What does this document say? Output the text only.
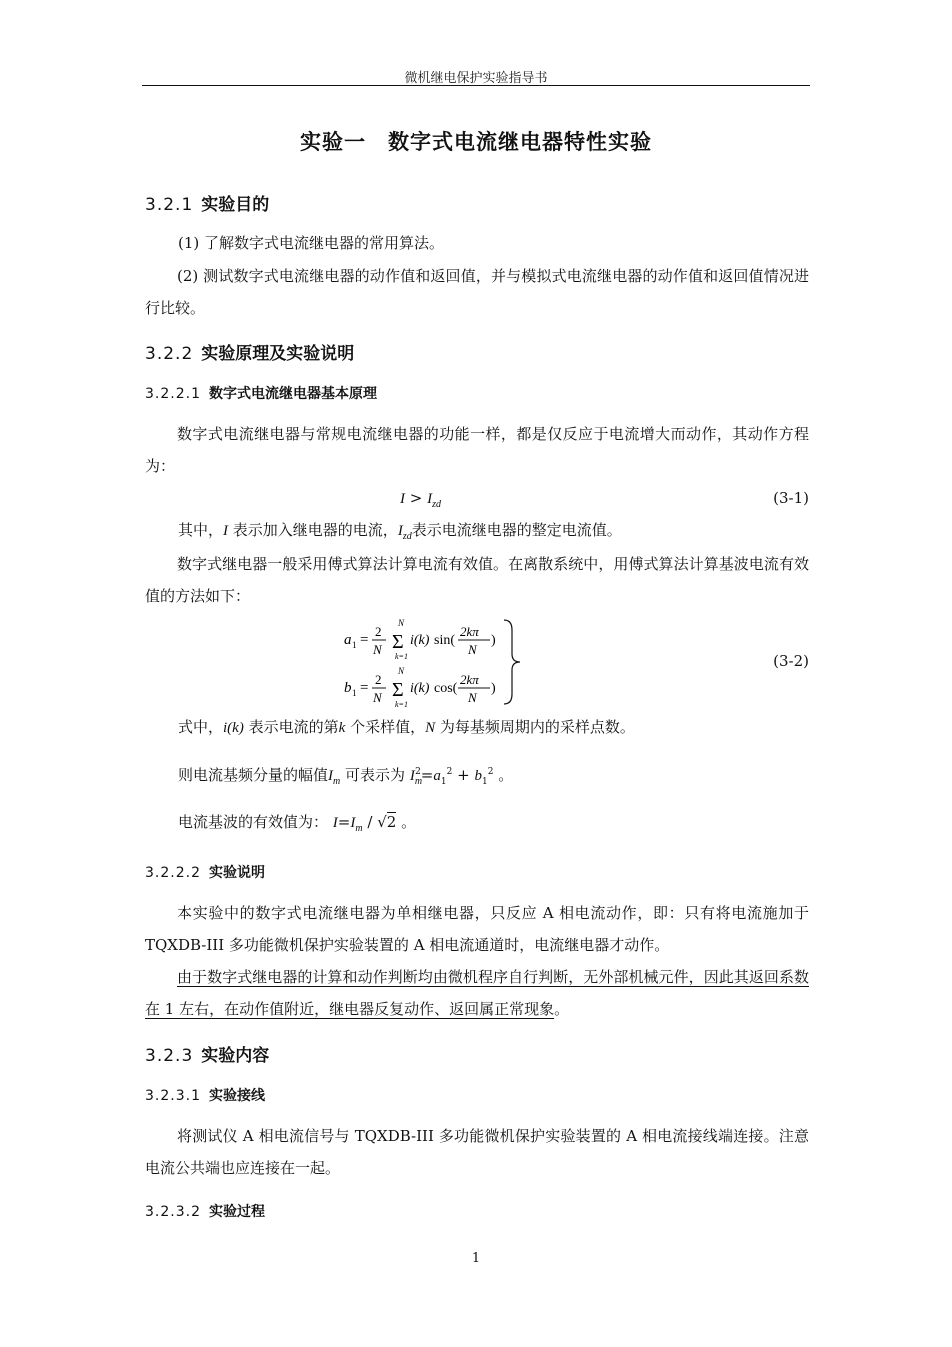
微机继电保护实验指导书
实验一 数字式电流继电器特性实验
3.2.1 实验目的
(1) 了解数字式电流继电器的常用算法。
(2) 测试数字式电流继电器的动作值和返回值，并与模拟式电流继电器的动作值和返回值情况进行比较。
3.2.2 实验原理及实验说明
3.2.2.1 数字式电流继电器基本原理
数字式电流继电器与常规电流继电器的功能一样，都是仅反应于电流增大而动作，其动作方程为：
$I > I_{zd}$	(3-1)
其中，I 表示加入继电器的电流，$I_{zd}$表示电流继电器的整定电流值。
数字式继电器一般采用傅式算法计算电流有效值。在离散系统中，用傅式算法计算基波电流有效值的方法如下：
a 1 =
2
N
N
Σ
k=1
i(k) sin(
2kπ
N
)
b 1 =
2
N
N
Σ
k=1
i(k) cos(
2kπ
N
)
(3-2)
式中，i(k) 表示电流的第k 个采样值，N 为每基频周期内的采样点数。
则电流基频分量的幅值$I_m$ 可表示为 $I_m^2=a_1^2 + b_1^2$ 。
电流基波的有效值为： $I=I_m / √2$ 。
3.2.2.2 实验说明
本实验中的数字式电流继电器为单相继电器，只反应 A 相电流动作，即：只有将电流施加于 TQXDB-III 多功能微机保护实验装置的 A 相电流通道时，电流继电器才动作。
由于数字式继电器的计算和动作判断均由微机程序自行判断，无外部机械元件，因此其返回系数在 1 左右，在动作值附近，继电器反复动作、返回属正常现象。
3.2.3 实验内容
3.2.3.1 实验接线
将测试仪 A 相电流信号与 TQXDB-III 多功能微机保护实验装置的 A 相电流接线端连接。注意电流公共端也应连接在一起。
3.2.3.2 实验过程
1
